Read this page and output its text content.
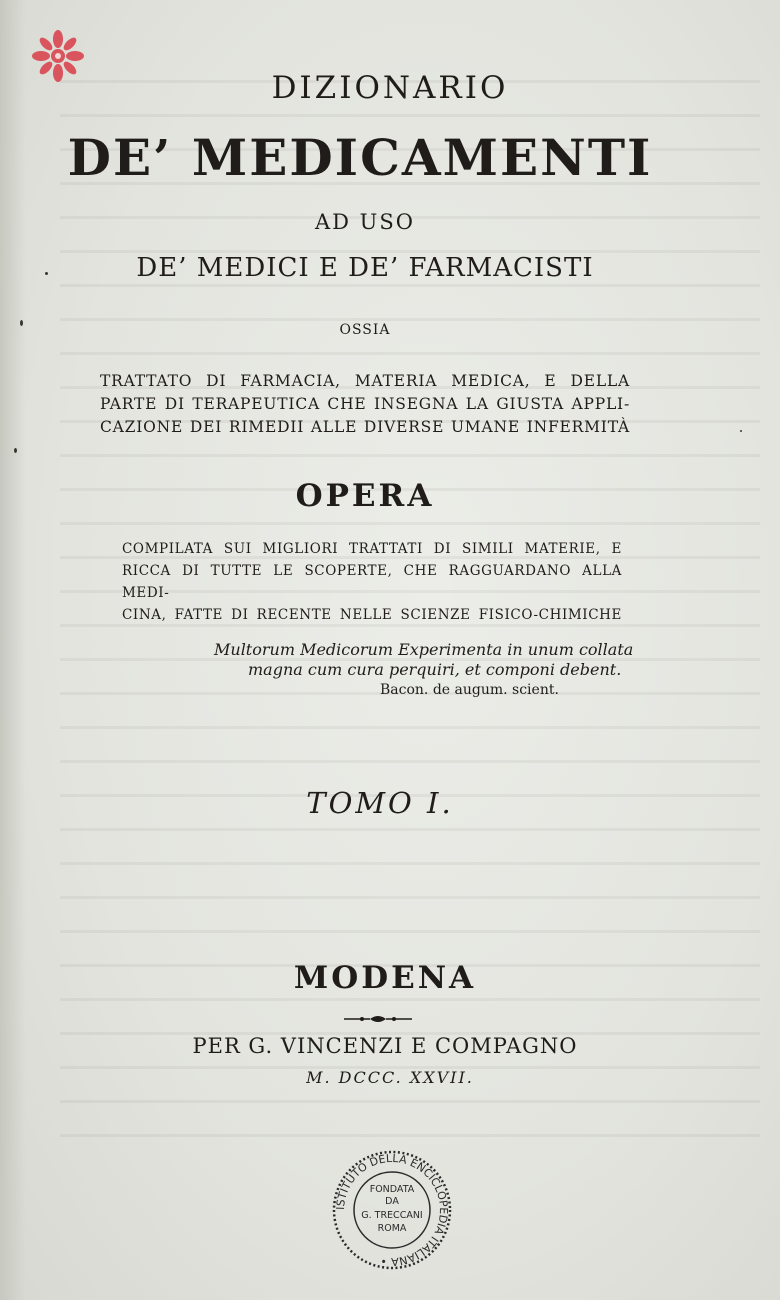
DIZIONARIO
DE’ MEDICAMENTI
AD USO
DE’ MEDICI E DE’ FARMACISTI
OSSIA
TRATTATO DI FARMACIA, MATERIA MEDICA, E DELLA
PARTE DI TERAPEUTICA CHE INSEGNA LA GIUSTA APPLI-
CAZIONE DEI RIMEDII ALLE DIVERSE UMANE INFERMITÀ
OPERA
COMPILATA SUI MIGLIORI TRATTATI DI SIMILI MATERIE, E
RICCA DI TUTTE LE SCOPERTE, CHE RAGGUARDANO ALLA MEDI-
CINA, FATTE DI RECENTE NELLE SCIENZE FISICO-CHIMICHE
Multorum Medicorum Experimenta in unum collata
magna cum cura perquiri, et componi debent.
Bacon. de augum. scient.
TOMO I.
MODENA
PER G. VINCENZI E COMPAGNO
M. DCCC. XXVII.
ISTITUTO DELLA ENCICLOPEDIA ITALIANA •
FONDATA
DA
G. TRECCANI
ROMA
